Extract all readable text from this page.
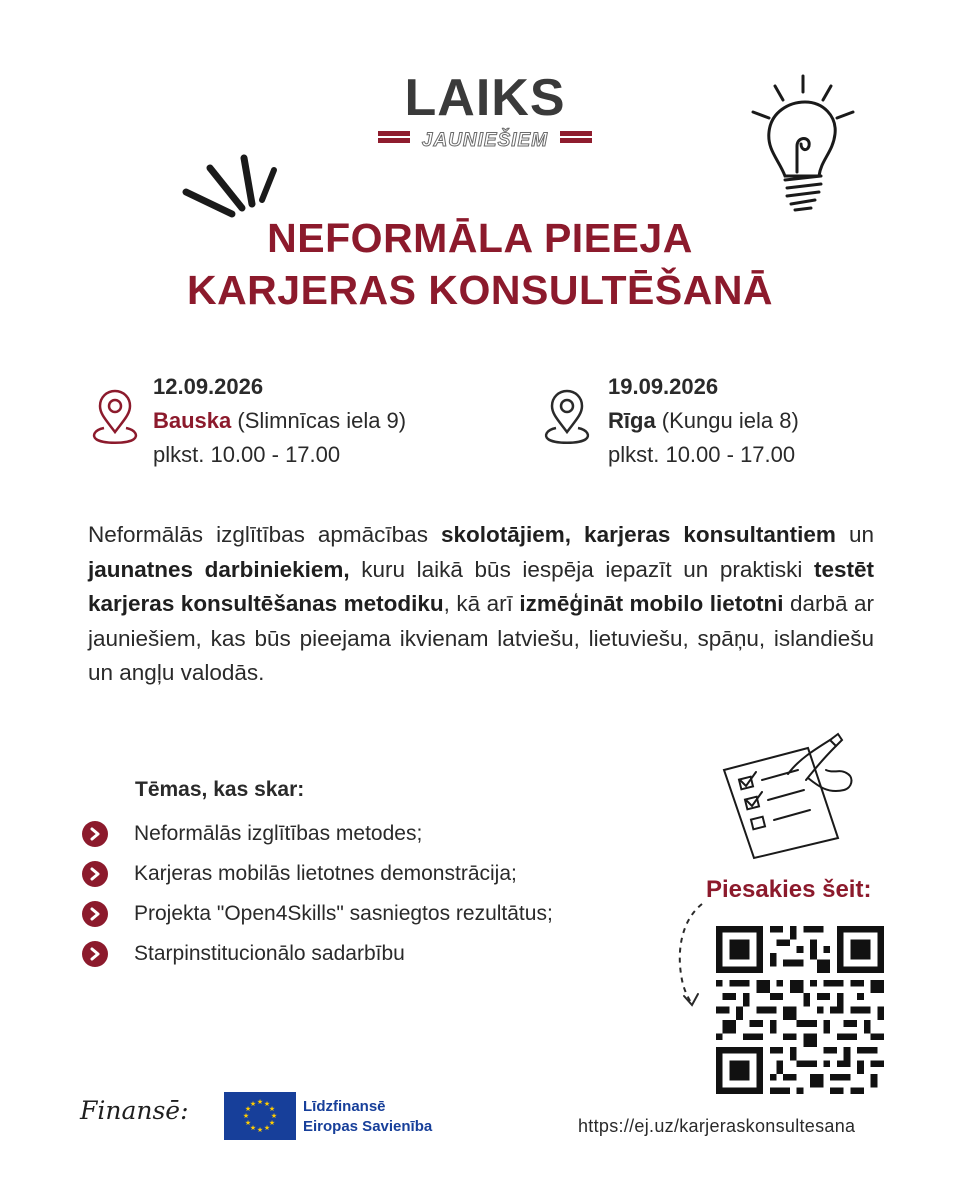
LAIKS
JAUNIEŠIEM
NEFORMĀLA PIEEJA
KARJERAS KONSULTĒŠANĀ
12.09.2026
Bauska (Slimnīcas iela 9)
plkst. 10.00 - 17.00
19.09.2026
Rīga (Kungu iela 8)
plkst. 10.00 - 17.00
Neformālās izglītības apmācības skolotājiem, karjeras konsultantiem un jaunatnes darbiniekiem, kuru laikā būs iespēja iepazīt un praktiski testēt karjeras konsultēšanas metodiku, kā arī izmēģināt mobilo lietotni darbā ar jauniešiem, kas būs pieejama ikvienam latviešu, lietuviešu, spāņu, islandiešu un angļu valodās.
Tēmas, kas skar:
Neformālās izglītības metodes;
Karjeras mobilās lietotnes demonstrācija;
Projekta "Open4Skills" sasniegtos rezultātus;
Starpinstitucionālo sadarbību
Piesakies šeit:
Finansē:	★ ★
★
★
★
★
★
★
★
★
★
★	Līdzfinansē
Eiropas Savienība	https://ej.uz/karjeraskonsultesana
